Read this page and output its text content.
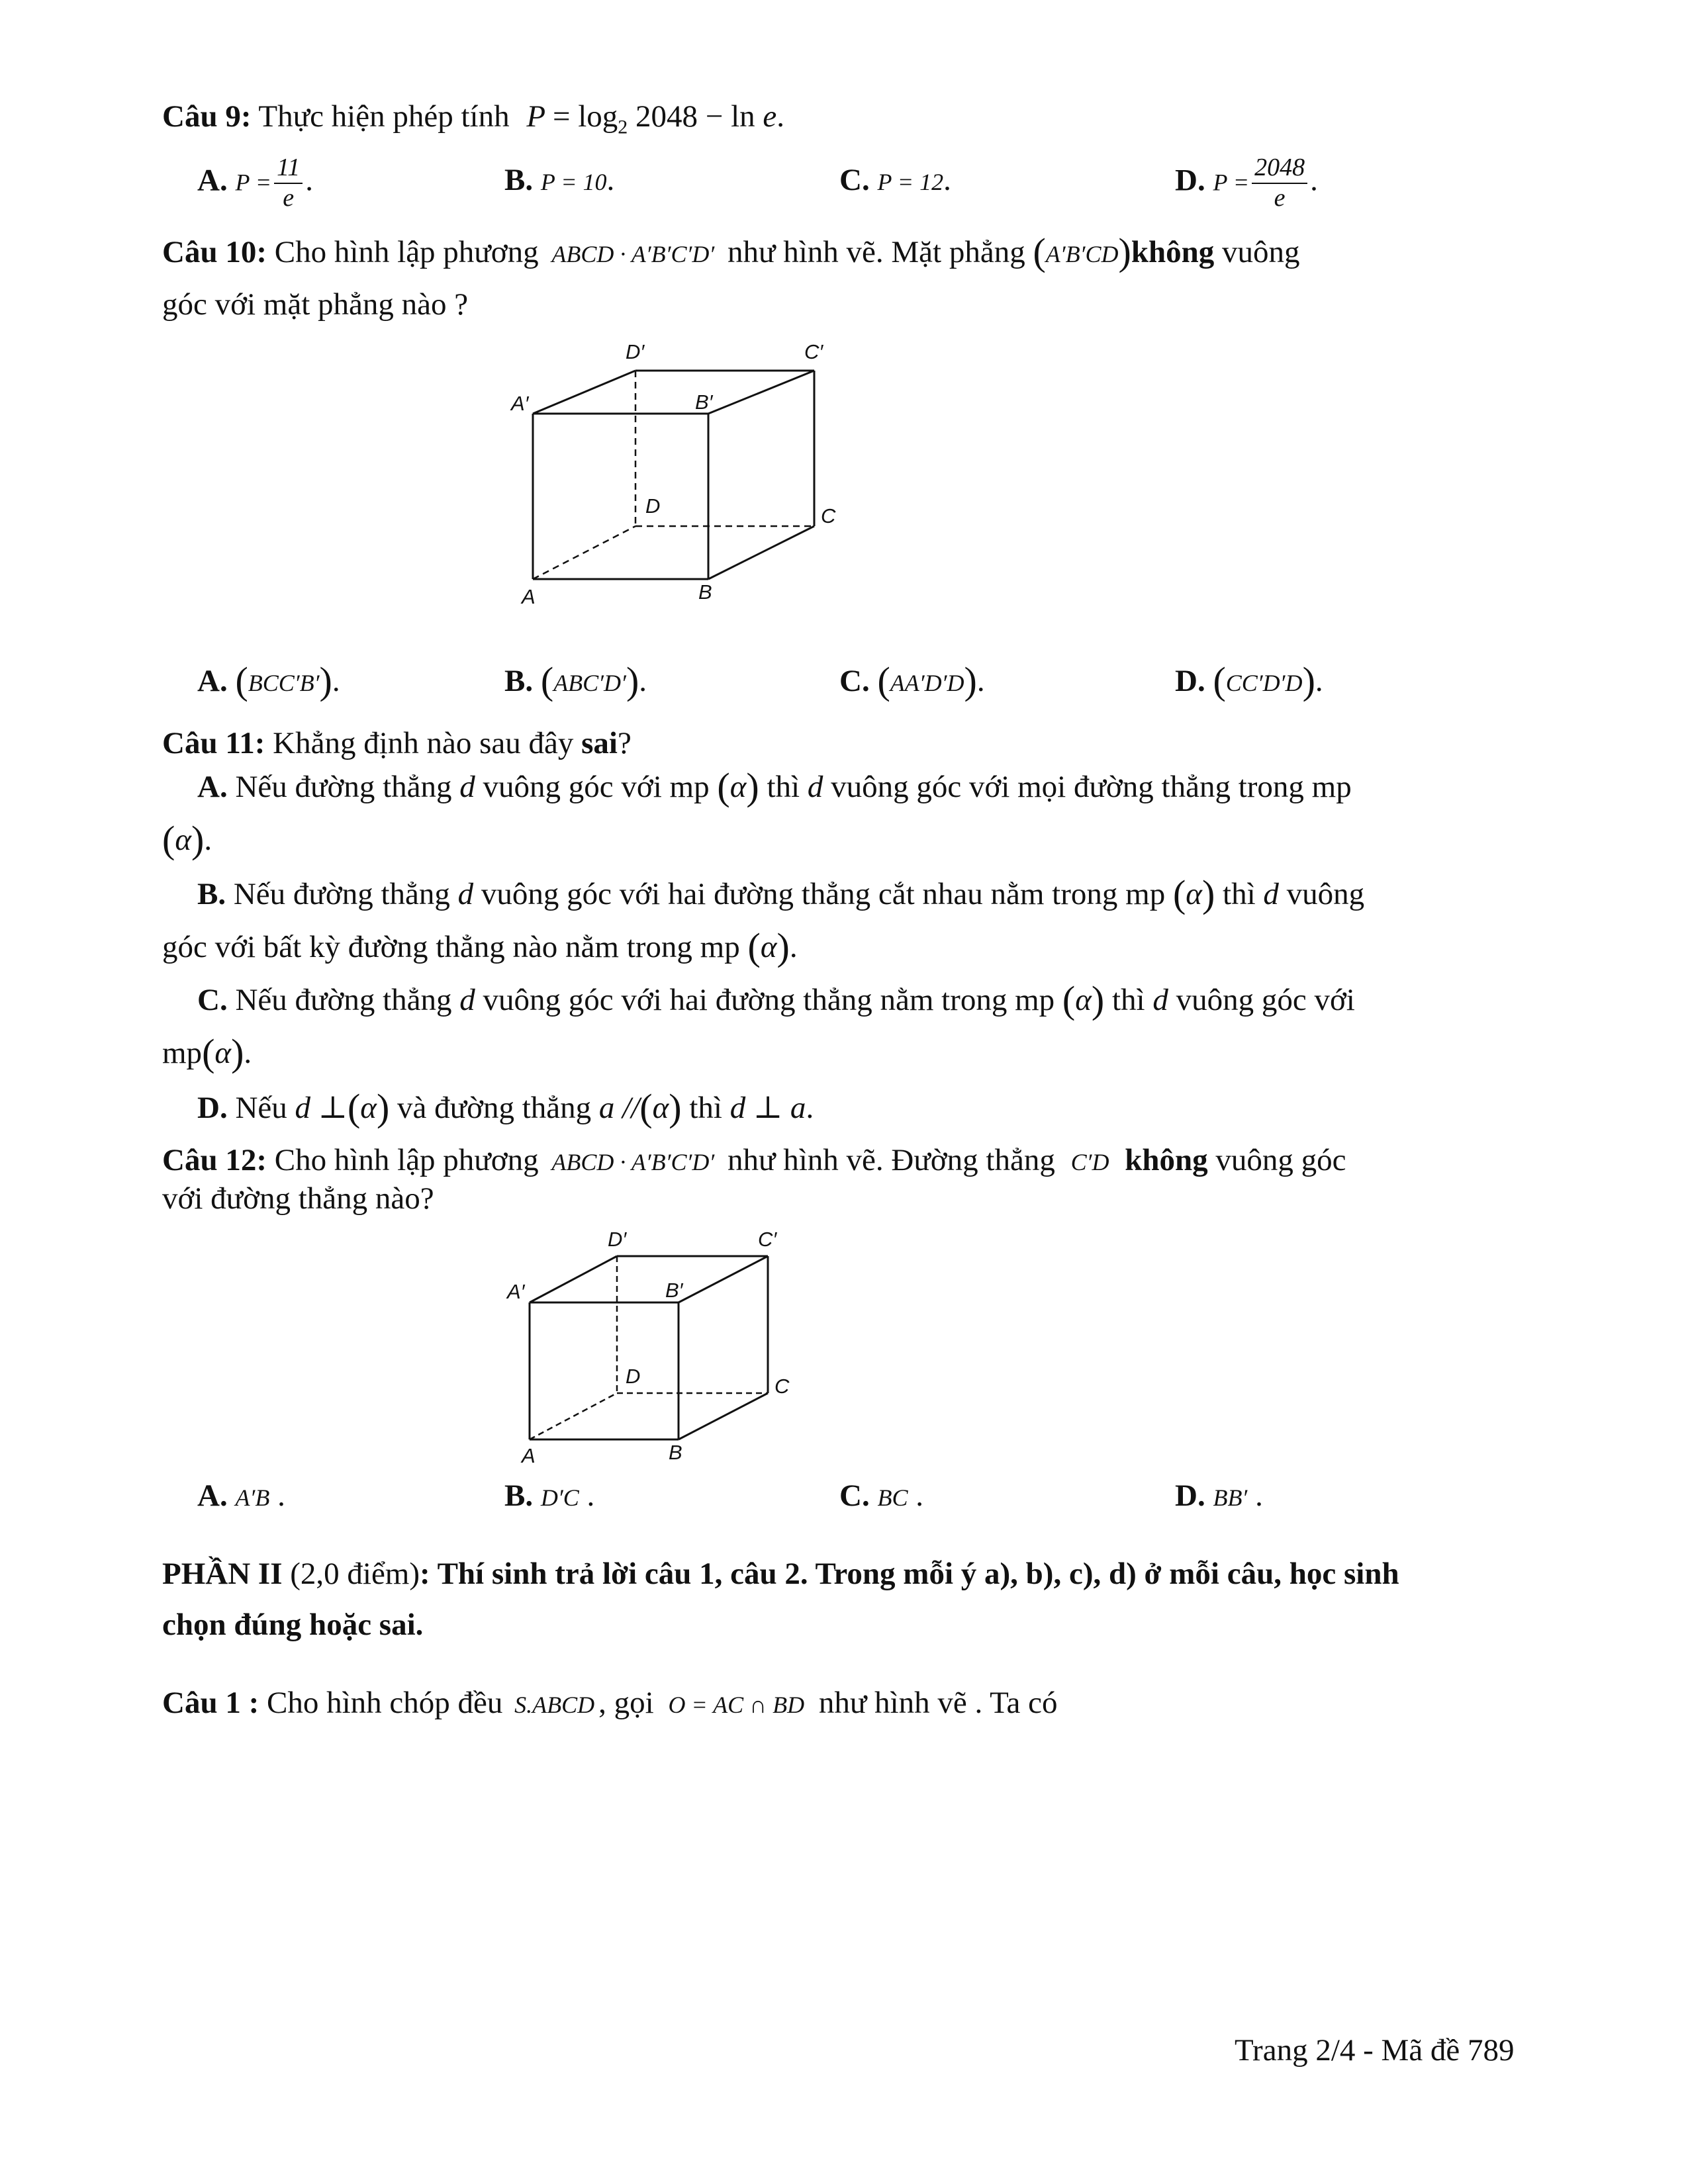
Câu 9: Thực hiện phép tính $P = \log_2 2048 - \ln e$.
A. $P = \frac{11}{e}$ .	B. P = 10.	C. P = 12.	D. $P = \frac{2048}{e}$ .
Câu 10: Cho hình lập phương ABCD · A′B′C′D′ như hình vẽ. Mặt phẳng (A′B′CD)không vuông
góc với mặt phẳng nào ?
A′	B′
D′	C′
D	C
A	B
A. (BCC′B′).	B. (ABC′D′).	C. (AA′D′D).	D. (CC′D′D).
Câu 11: Khẳng định nào sau đây sai?
A. Nếu đường thẳng d vuông góc với mp (α) thì d vuông góc với mọi đường thẳng trong mp
(α).
B. Nếu đường thẳng d vuông góc với hai đường thẳng cắt nhau nằm trong mp (α) thì d vuông
góc với bất kỳ đường thẳng nào nằm trong mp (α).
C. Nếu đường thẳng d vuông góc với hai đường thẳng nằm trong mp (α) thì d vuông góc với
mp(α).
D. Nếu d ⊥(α) và đường thẳng a //(α) thì d ⊥ a.
Câu 12: Cho hình lập phương ABCD · A′B′C′D′ như hình vẽ. Đường thẳng C′D không vuông góc
với đường thẳng nào?
A′	B′
D′	C′
D	C
A	B
A. A′B .	B. D′C .	C. BC .	D. BB′ .
PHẦN II (2,0 điểm): Thí sinh trả lời câu 1, câu 2. Trong mỗi ý a), b), c), d) ở mỗi câu, học sinh
chọn đúng hoặc sai.
Câu 1 : Cho hình chóp đều S.ABCD , gọi O = AC ∩ BD như hình vẽ . Ta có
Trang 2/4 - Mã đề 789
